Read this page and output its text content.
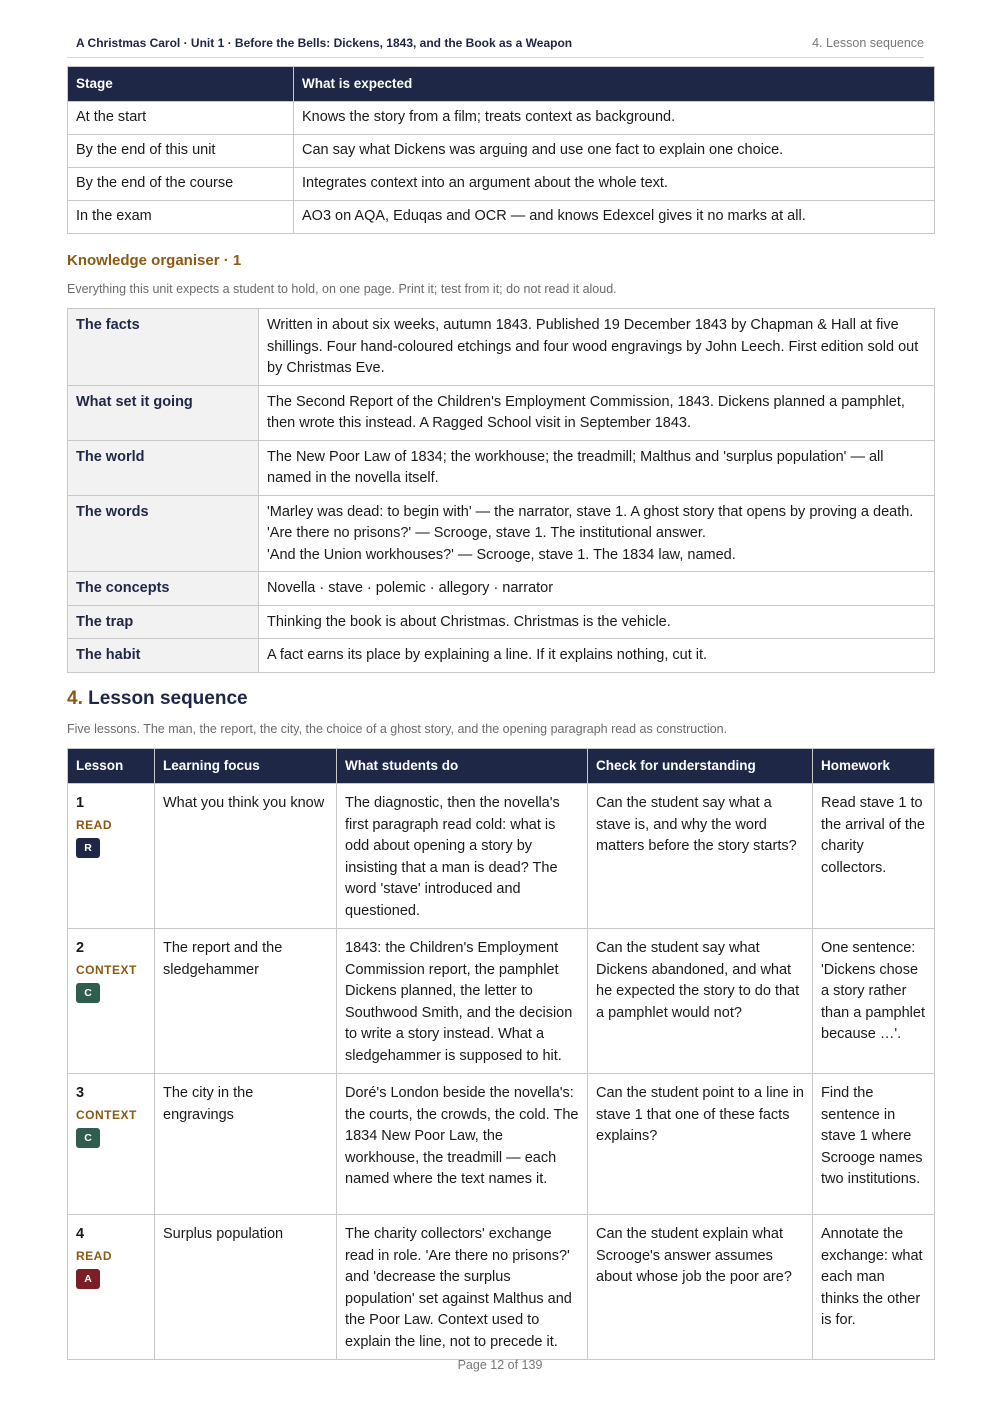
A Christmas Carol · Unit 1 · Before the Bells: Dickens, 1843, and the Book as a Weapon	4. Lesson sequence
Stage	What is expected
At the start	Knows the story from a film; treats context as background.
By the end of this unit	Can say what Dickens was arguing and use one fact to explain one choice.
By the end of the course	Integrates context into an argument about the whole text.
In the exam	AO3 on AQA, Eduqas and OCR — and knows Edexcel gives it no marks at all.
Knowledge organiser · 1
Everything this unit expects a student to hold, on one page. Print it; test from it; do not read it aloud.
The facts	Written in about six weeks, autumn 1843. Published 19 December 1843 by Chapman & Hall at five shillings. Four hand-coloured etchings and four wood engravings by John Leech. First edition sold out by Christmas Eve.
What set it going	The Second Report of the Children's Employment Commission, 1843. Dickens planned a pamphlet, then wrote this instead. A Ragged School visit in September 1843.
The world	The New Poor Law of 1834; the workhouse; the treadmill; Malthus and 'surplus population' — all named in the novella itself.
The words	'Marley was dead: to begin with' — the narrator, stave 1. A ghost story that opens by proving a death.
'Are there no prisons?' — Scrooge, stave 1. The institutional answer.
'And the Union workhouses?' — Scrooge, stave 1. The 1834 law, named.

The concepts	Novella · stave · polemic · allegory · narrator
The trap	Thinking the book is about Christmas. Christmas is the vehicle.
The habit	A fact earns its place by explaining a line. If it explains nothing, cut it.
4. Lesson sequence
Five lessons. The man, the report, the city, the choice of a ghost story, and the opening paragraph read as construction.
Lesson	Learning focus	What students do	Check for understanding	Homework

1
READ
R	What you think you know	The diagnostic, then the novella's first paragraph read cold: what is odd about opening a story by insisting that a man is dead? The word 'stave' introduced and questioned.	Can the student say what a stave is, and why the word matters before the story starts?	Read stave 1 to the arrival of the charity collectors.

2
CONTEXT
C	The report and the sledgehammer	1843: the Children's Employment Commission report, the pamphlet Dickens planned, the letter to Southwood Smith, and the decision to write a story instead. What a sledgehammer is supposed to hit.	Can the student say what Dickens abandoned, and what he expected the story to do that a pamphlet would not?	One sentence: 'Dickens chose a story rather than a pamphlet because …'.

3
CONTEXT
C	The city in the engravings	Doré's London beside the novella's: the courts, the crowds, the cold. The 1834 New Poor Law, the workhouse, the treadmill — each named where the text names it.	Can the student point to a line in stave 1 that one of these facts explains?	Find the sentence in stave 1 where Scrooge names two institutions.

4
READ
A	Surplus population	The charity collectors' exchange read in role. 'Are there no prisons?' and 'decrease the surplus population' set against Malthus and the Poor Law. Context used to explain the line, not to precede it.	Can the student explain what Scrooge's answer assumes about whose job the poor are?	Annotate the exchange: what each man thinks the other is for.
Page 12 of 139
